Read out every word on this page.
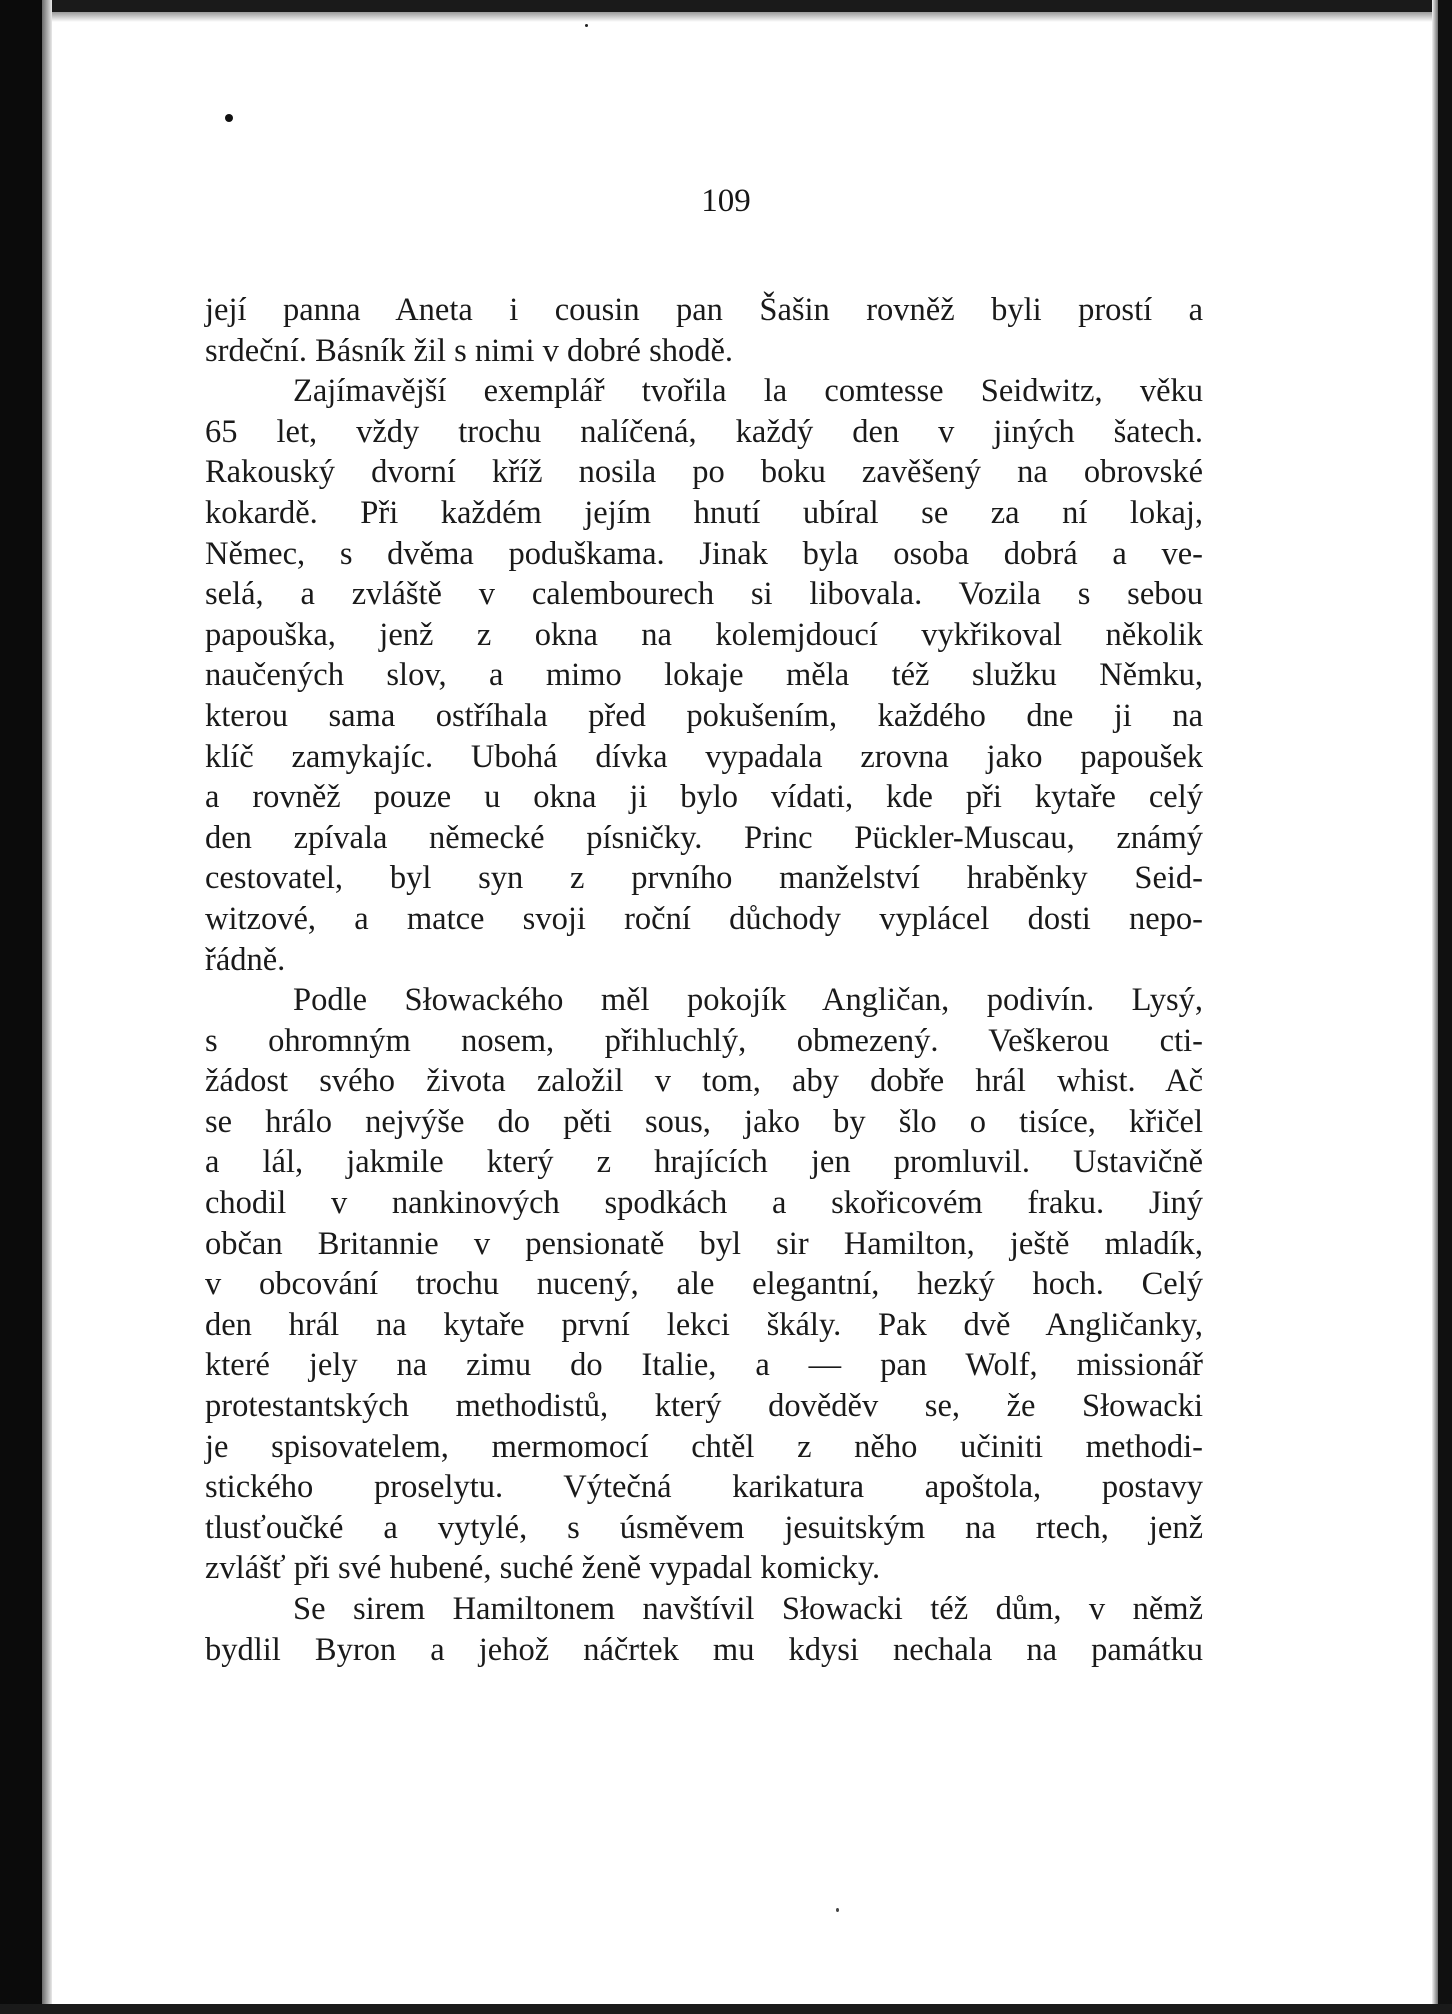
109
její panna Aneta i cousin pan Šašin rovněž byli prostí a
srdeční. Básník žil s nimi v dobré shodě.
Zajímavější exemplář tvořila la comtesse Seidwitz, věku
65 let, vždy trochu nalíčená, každý den v jiných šatech.
Rakouský dvorní kříž nosila po boku zavěšený na obrovské
kokardě. Při každém jejím hnutí ubíral se za ní lokaj,
Němec, s dvěma poduškama. Jinak byla osoba dobrá a ve-
selá, a zvláště v calembourech si libovala. Vozila s sebou
papouška, jenž z okna na kolemjdoucí vykřikoval několik
naučených slov, a mimo lokaje měla též služku Němku,
kterou sama ostříhala před pokušením, každého dne ji na
klíč zamykajíc. Ubohá dívka vypadala zrovna jako papoušek
a rovněž pouze u okna ji bylo vídati, kde při kytaře celý
den zpívala německé písničky. Princ Pückler-Muscau, známý
cestovatel, byl syn z prvního manželství hraběnky Seid-
witzové, a matce svoji roční důchody vyplácel dosti nepo-
řádně.
Podle Słowackého měl pokojík Angličan, podivín. Lysý,
s ohromným nosem, přihluchlý, obmezený. Veškerou cti-
žádost svého života založil v tom, aby dobře hrál whist. Ač
se hrálo nejvýše do pěti sous, jako by šlo o tisíce, křičel
a lál, jakmile který z hrajících jen promluvil. Ustavičně
chodil v nankinových spodkách a skořicovém fraku. Jiný
občan Britannie v pensionatě byl sir Hamilton, ještě mladík,
v obcování trochu nucený, ale elegantní, hezký hoch. Celý
den hrál na kytaře první lekci škály. Pak dvě Angličanky,
které jely na zimu do Italie, a — pan Wolf, missionář
protestantských methodistů, který dověděv se, že Słowacki
je spisovatelem, mermomocí chtěl z něho učiniti methodi-
stického proselytu. Výtečná karikatura apoštola, postavy
tlusťoučké a vytylé, s úsměvem jesuitským na rtech, jenž
zvlášť při své hubené, suché ženě vypadal komicky.
Se sirem Hamiltonem navštívil Słowacki též dům, v němž
bydlil Byron a jehož náčrtek mu kdysi nechala na památku
